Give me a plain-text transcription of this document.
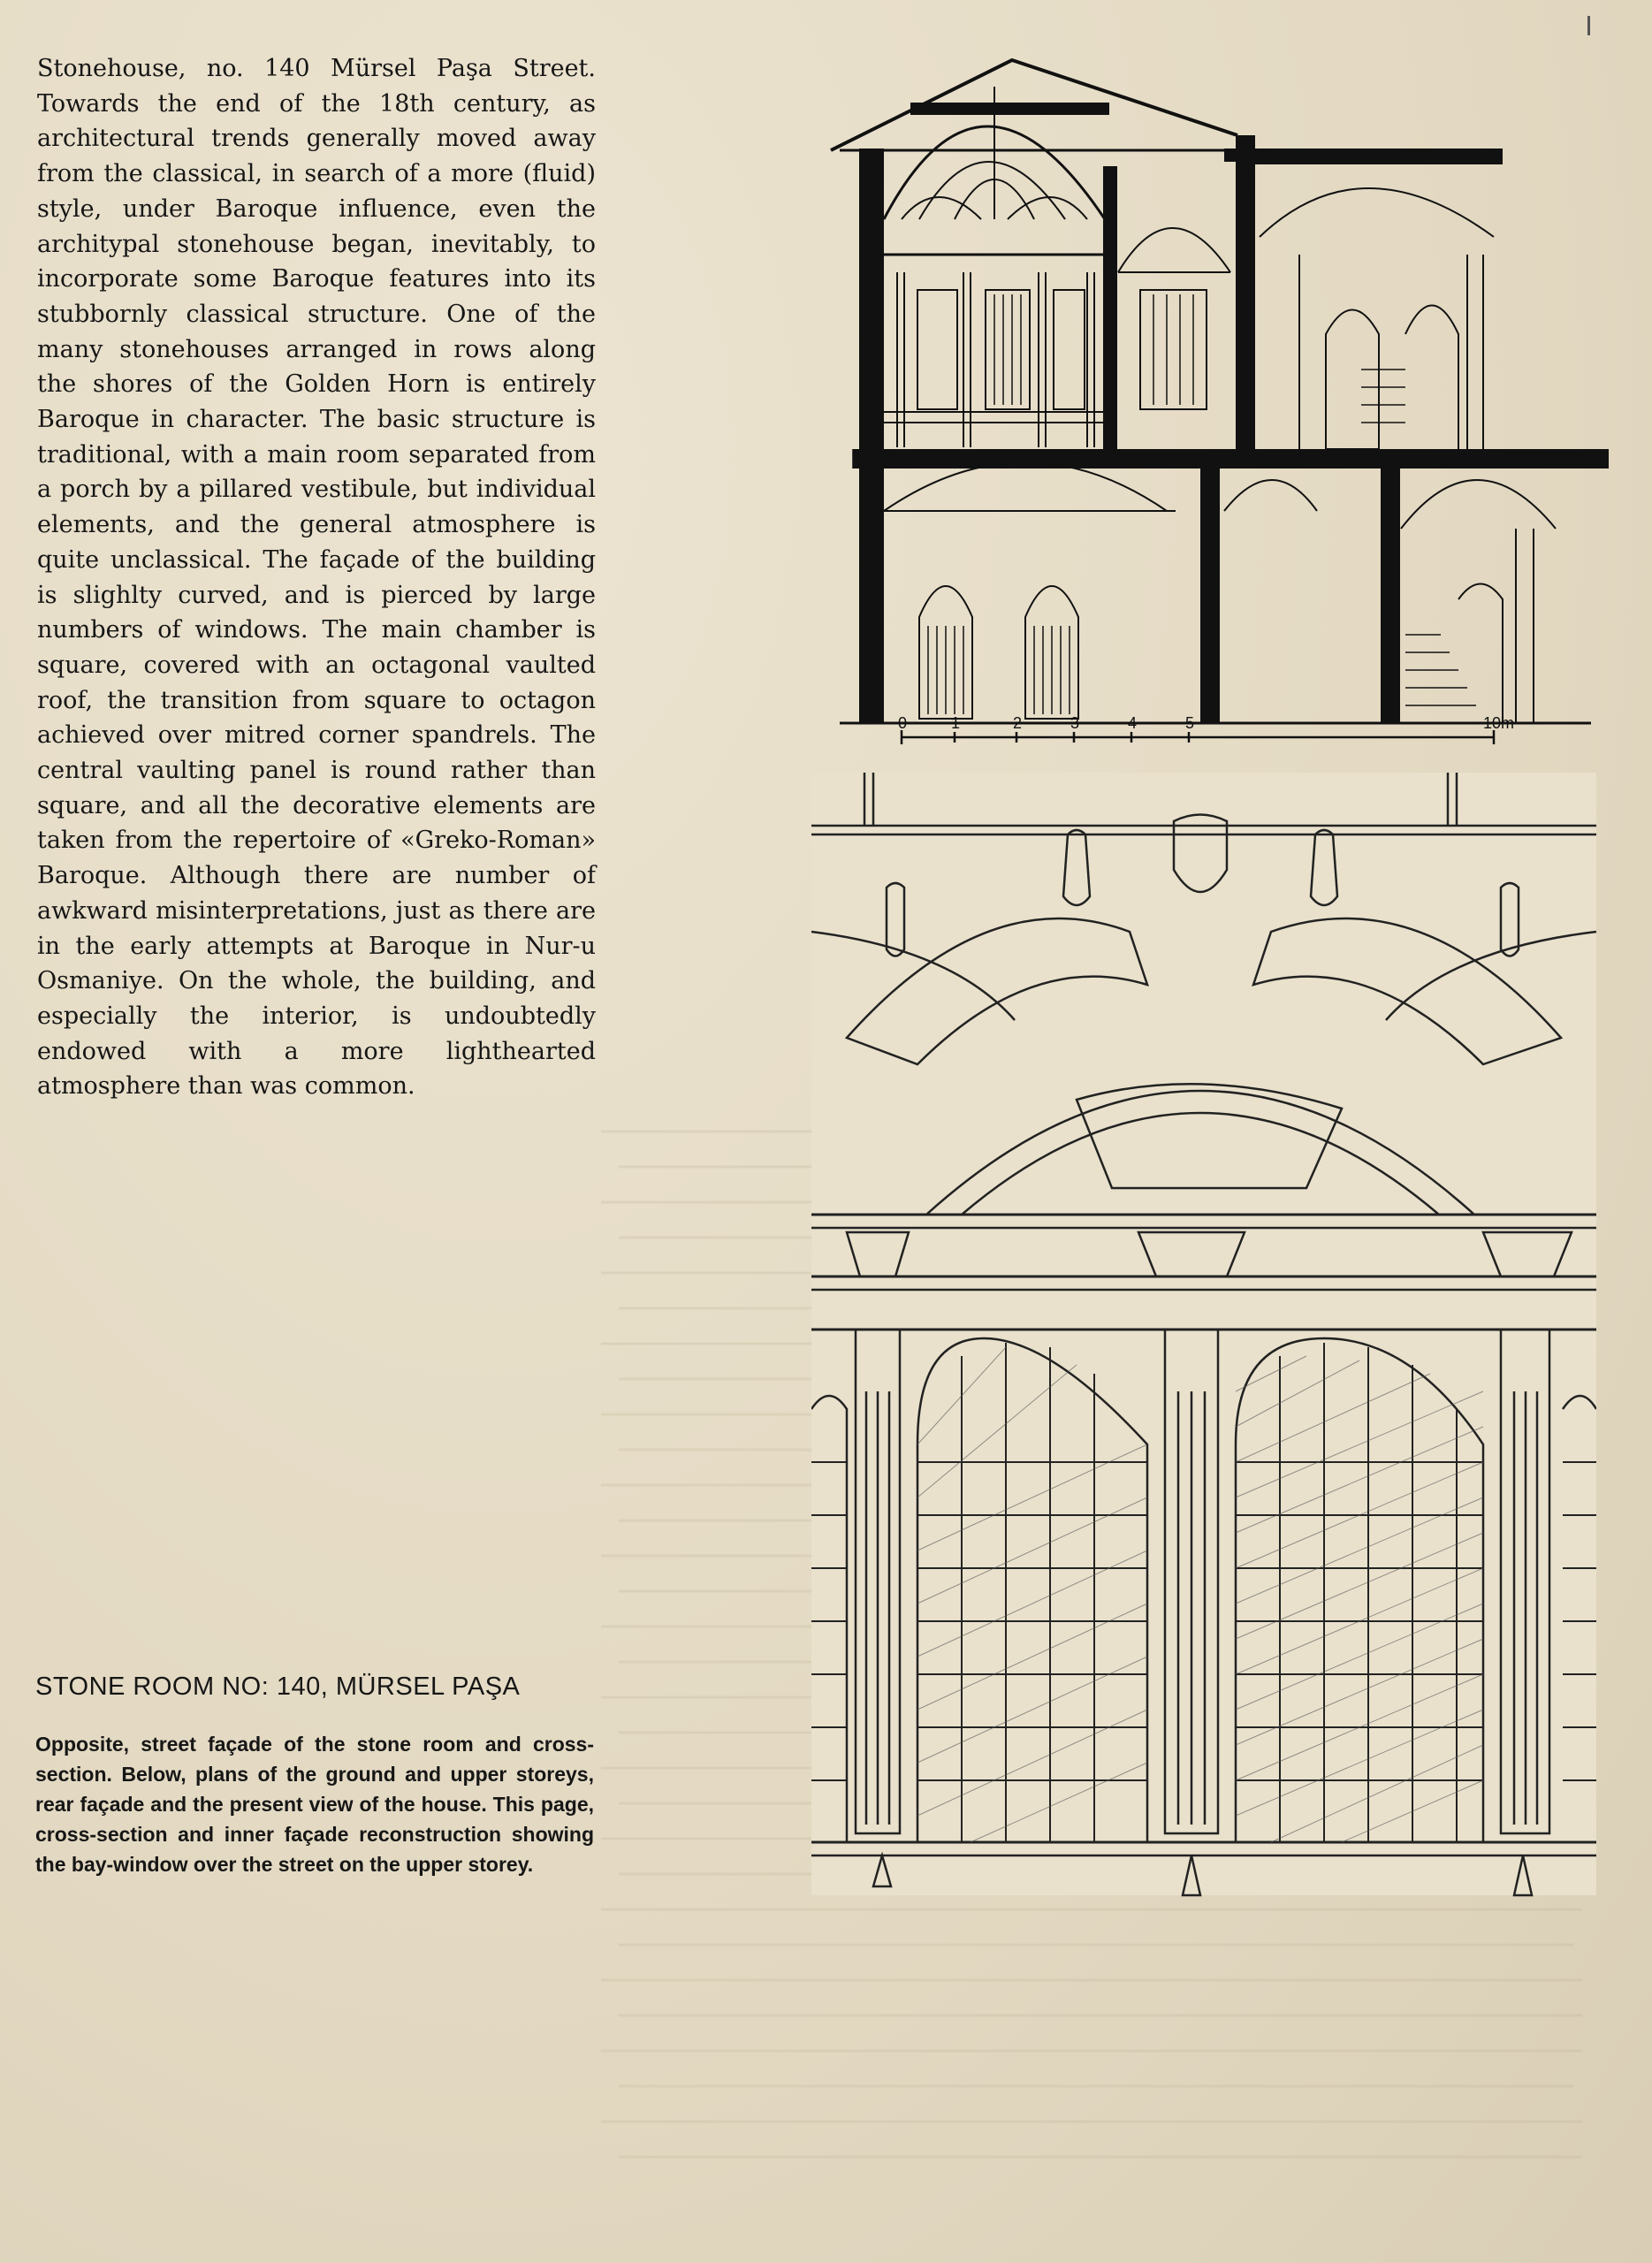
Stonehouse, no. 140 Mürsel Paşa Street. Towards the end of the 18th century, as architectural trends generally moved away from the classical, in search of a more (fluid) style, under Baroque influence, even the architypal stonehouse began, inevitably, to incorporate some Baroque features into its stubbornly classical structure. One of the many stonehouses arranged in rows along the shores of the Golden Horn is entirely Baroque in character. The basic structure is traditional, with a main room separated from a porch by a pillared vestibule, but individual elements, and the general atmosphere is quite unclassical. The façade of the building is slighlty curved, and is pierced by large numbers of windows. The main chamber is square, covered with an octagonal vaulted roof, the transition from square to octagon achieved over mitred corner spandrels. The central vaulting panel is round rather than square, and all the decorative elements are taken from the repertoire of «Greko-Roman» Baroque. Although there are number of awkward misinterpretations, just as there are in the early attempts at Baroque in Nur-u Osmaniye. On the whole, the building, and especially the interior, is undoubtedly endowed with a more lighthearted atmosphere than was common.

0	1	2	3	4	5	10m
STONE ROOM NO: 140, MÜRSEL PAŞA

Opposite, street façade of the stone room and cross-section. Below, plans of the ground and upper storeys, rear façade and the present view of the house. This page, cross-section and inner façade reconstruction showing the bay-window over the street on the upper storey.
